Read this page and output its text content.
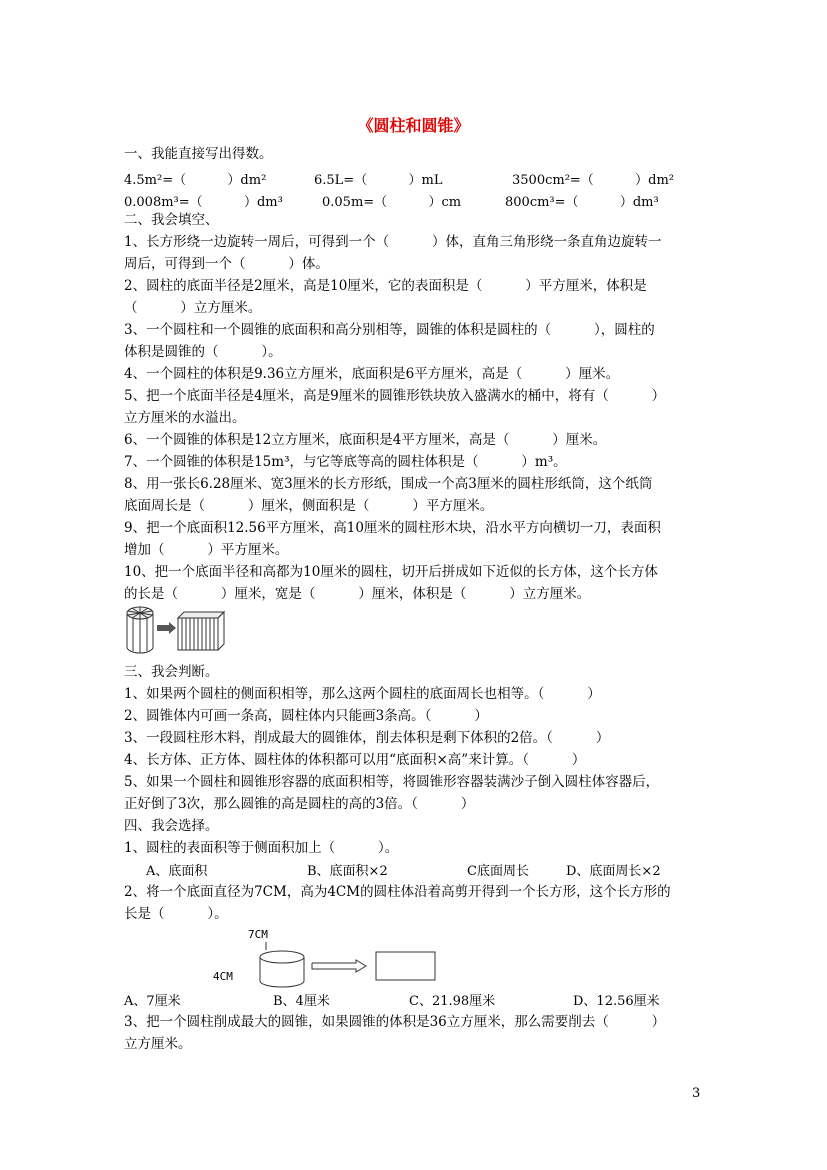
《圆柱和圆锥》
一、我能直接写出得数。
4.5m²=（          ）dm²	6.5L=（          ）mL	3500cm²=（          ）dm²
0.008m³=（          ）dm³	0.05m=（          ）cm	800cm³=（          ）dm³
二、我会填空、
1、长方形绕一边旋转一周后，可得到一个（          ）体，直角三角形绕一条直角边旋转一
周后，可得到一个（          ）体。
2、圆柱的底面半径是2厘米，高是10厘米，它的表面积是（          ）平方厘米，体积是
（          ）立方厘米。
3、一个圆柱和一个圆锥的底面积和高分别相等，圆锥的体积是圆柱的（          ），圆柱的
体积是圆锥的（          ）。
4、一个圆柱的体积是9.36立方厘米，底面积是6平方厘米，高是（          ）厘米。
5、把一个底面半径是4厘米，高是9厘米的圆锥形铁块放入盛满水的桶中，将有（          ）
立方厘米的水溢出。
6、一个圆锥的体积是12立方厘米，底面积是4平方厘米，高是（          ）厘米。
7、一个圆锥的体积是15m³，与它等底等高的圆柱体积是（          ）m³。
8、用一张长6.28厘米、宽3厘米的长方形纸，围成一个高3厘米的圆柱形纸筒，这个纸筒
底面周长是（          ）厘米，侧面积是（          ）平方厘米。
9、把一个底面积12.56平方厘米，高10厘米的圆柱形木块，沿水平方向横切一刀，表面积
增加（          ）平方厘米。
10、把一个底面半径和高都为10厘米的圆柱，切开后拼成如下近似的长方体，这个长方体
的长是（          ）厘米，宽是（          ）厘米，体积是（          ）立方厘米。
三、我会判断。
1、如果两个圆柱的侧面积相等，那么这两个圆柱的底面周长也相等。（          ）
2、圆锥体内可画一条高，圆柱体内只能画3条高。（          ）
3、一段圆柱形木料，削成最大的圆锥体，削去体积是剩下体积的2倍。（          ）
4、长方体、正方体、圆柱体的体积都可以用“底面积×高”来计算。（          ）
5、如果一个圆柱和圆锥形容器的底面积相等，将圆锥形容器装满沙子倒入圆柱体容器后，
正好倒了3次，那么圆锥的高是圆柱的高的3倍。（          ）
四、我会选择。
1、圆柱的表面积等于侧面积加上（          ）。
A、底面积	B、底面积×2	C底面周长	D、底面周长×2
2、将一个底面直径为7CM，高为4CM的圆柱体沿着高剪开得到一个长方形，这个长方形的
长是（          ）。
7CM
4CM
A、7厘米	B、4厘米	C、21.98厘米	D、12.56厘米
3、把一个圆柱削成最大的圆锥，如果圆锥的体积是36立方厘米，那么需要削去（          ）
立方厘米。
3
